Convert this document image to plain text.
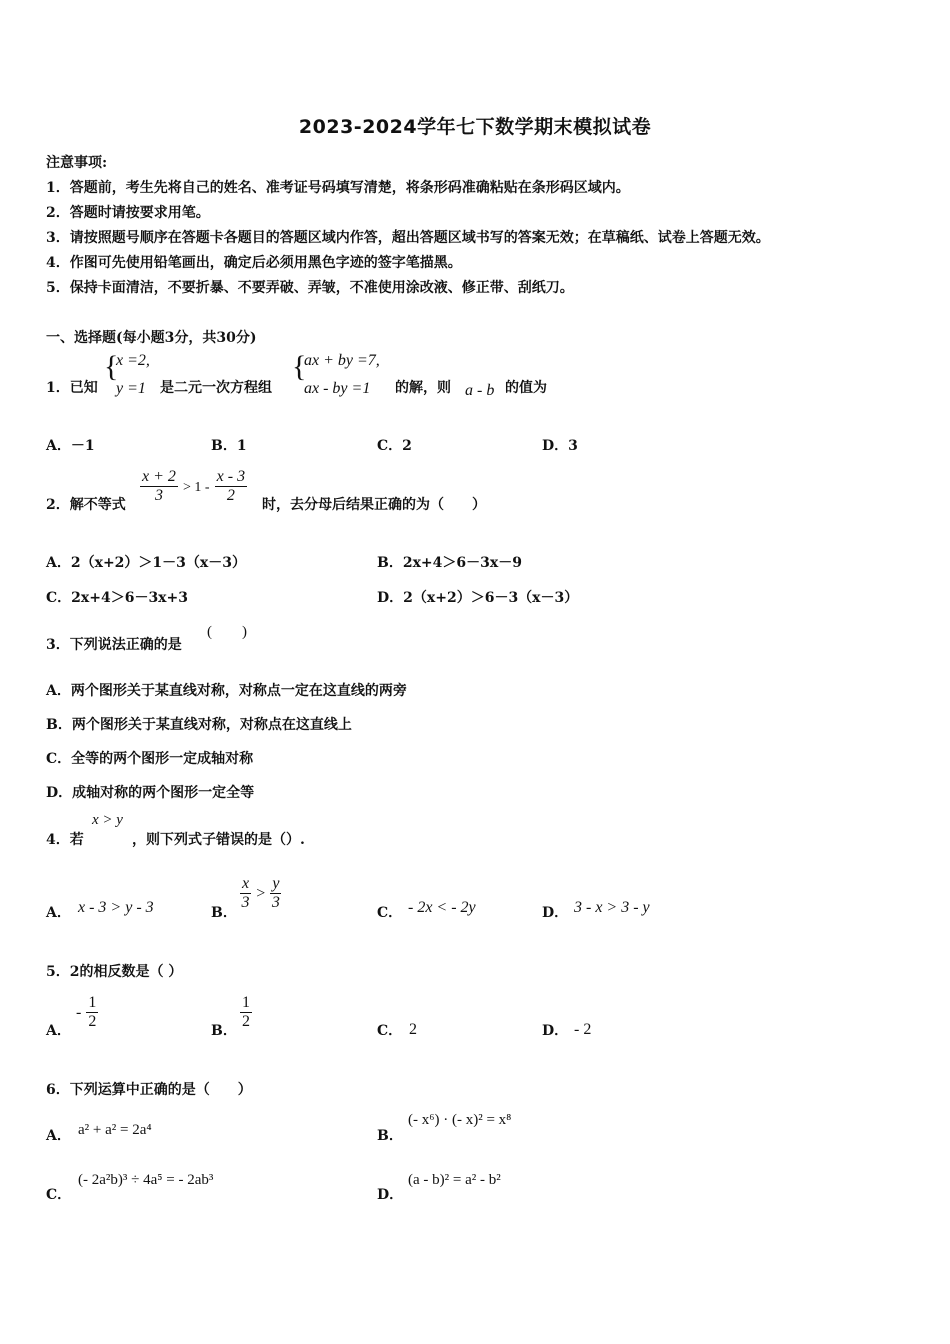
2023-2024学年七下数学期末模拟试卷
注意事项:
1．答题前，考生先将自己的姓名、准考证号码填写清楚，将条形码准确粘贴在条形码区域内。
2．答题时请按要求用笔。
3．请按照题号顺序在答题卡各题目的答题区域内作答，超出答题区域书写的答案无效；在草稿纸、试卷上答题无效。
4．作图可先使用铅笔画出，确定后必须用黑色字迹的签字笔描黑。
5．保持卡面清洁，不要折暴、不要弄破、弄皱，不准使用涂改液、修正带、刮纸刀。
一、选择题(每小题3分，共30分)
1．已知
{
x =2,
y =1 是二元一次方程组
{
ax + by =7,
ax - by =1 的解，则 a - b 的值为
A．－1	B．1	C．2	D．3
2．解不等式 $\frac{x + 2}{3} > 1 - \frac{x - 3}{2}$ 时，去分母后结果正确的为（　　）
A．2（x+2）＞1－3（x－3）	B．2x+4＞6－3x－9
C．2x+4＞6－3x+3	D．2（x+2）＞6－3（x－3）
3．下列说法正确的是
(　　)
A．两个图形关于某直线对称，对称点一定在这直线的两旁
B．两个图形关于某直线对称，对称点在这直线上
C．全等的两个图形一定成轴对称
D．成轴对称的两个图形一定全等
4．若
x > y
，则下列式子错误的是（）.
A． x - 3 > y - 3	B．
$\frac{x}{3} > \frac{y}{3}$
C． - 2x < - 2y	D． 3 - x > 3 - y
5．2的相反数是（ ）
A．
- $\frac{1}{2}$	B． $\frac{1}{2}$	C． 2	D． - 2
6．下列运算中正确的是（　　）
A． a² + a² = 2a⁴	B．
(- x⁶) · (- x)² = x⁸
C．
(- 2a²b)³ ÷ 4a⁵ = - 2ab³
D．
(a - b)² = a² - b²
